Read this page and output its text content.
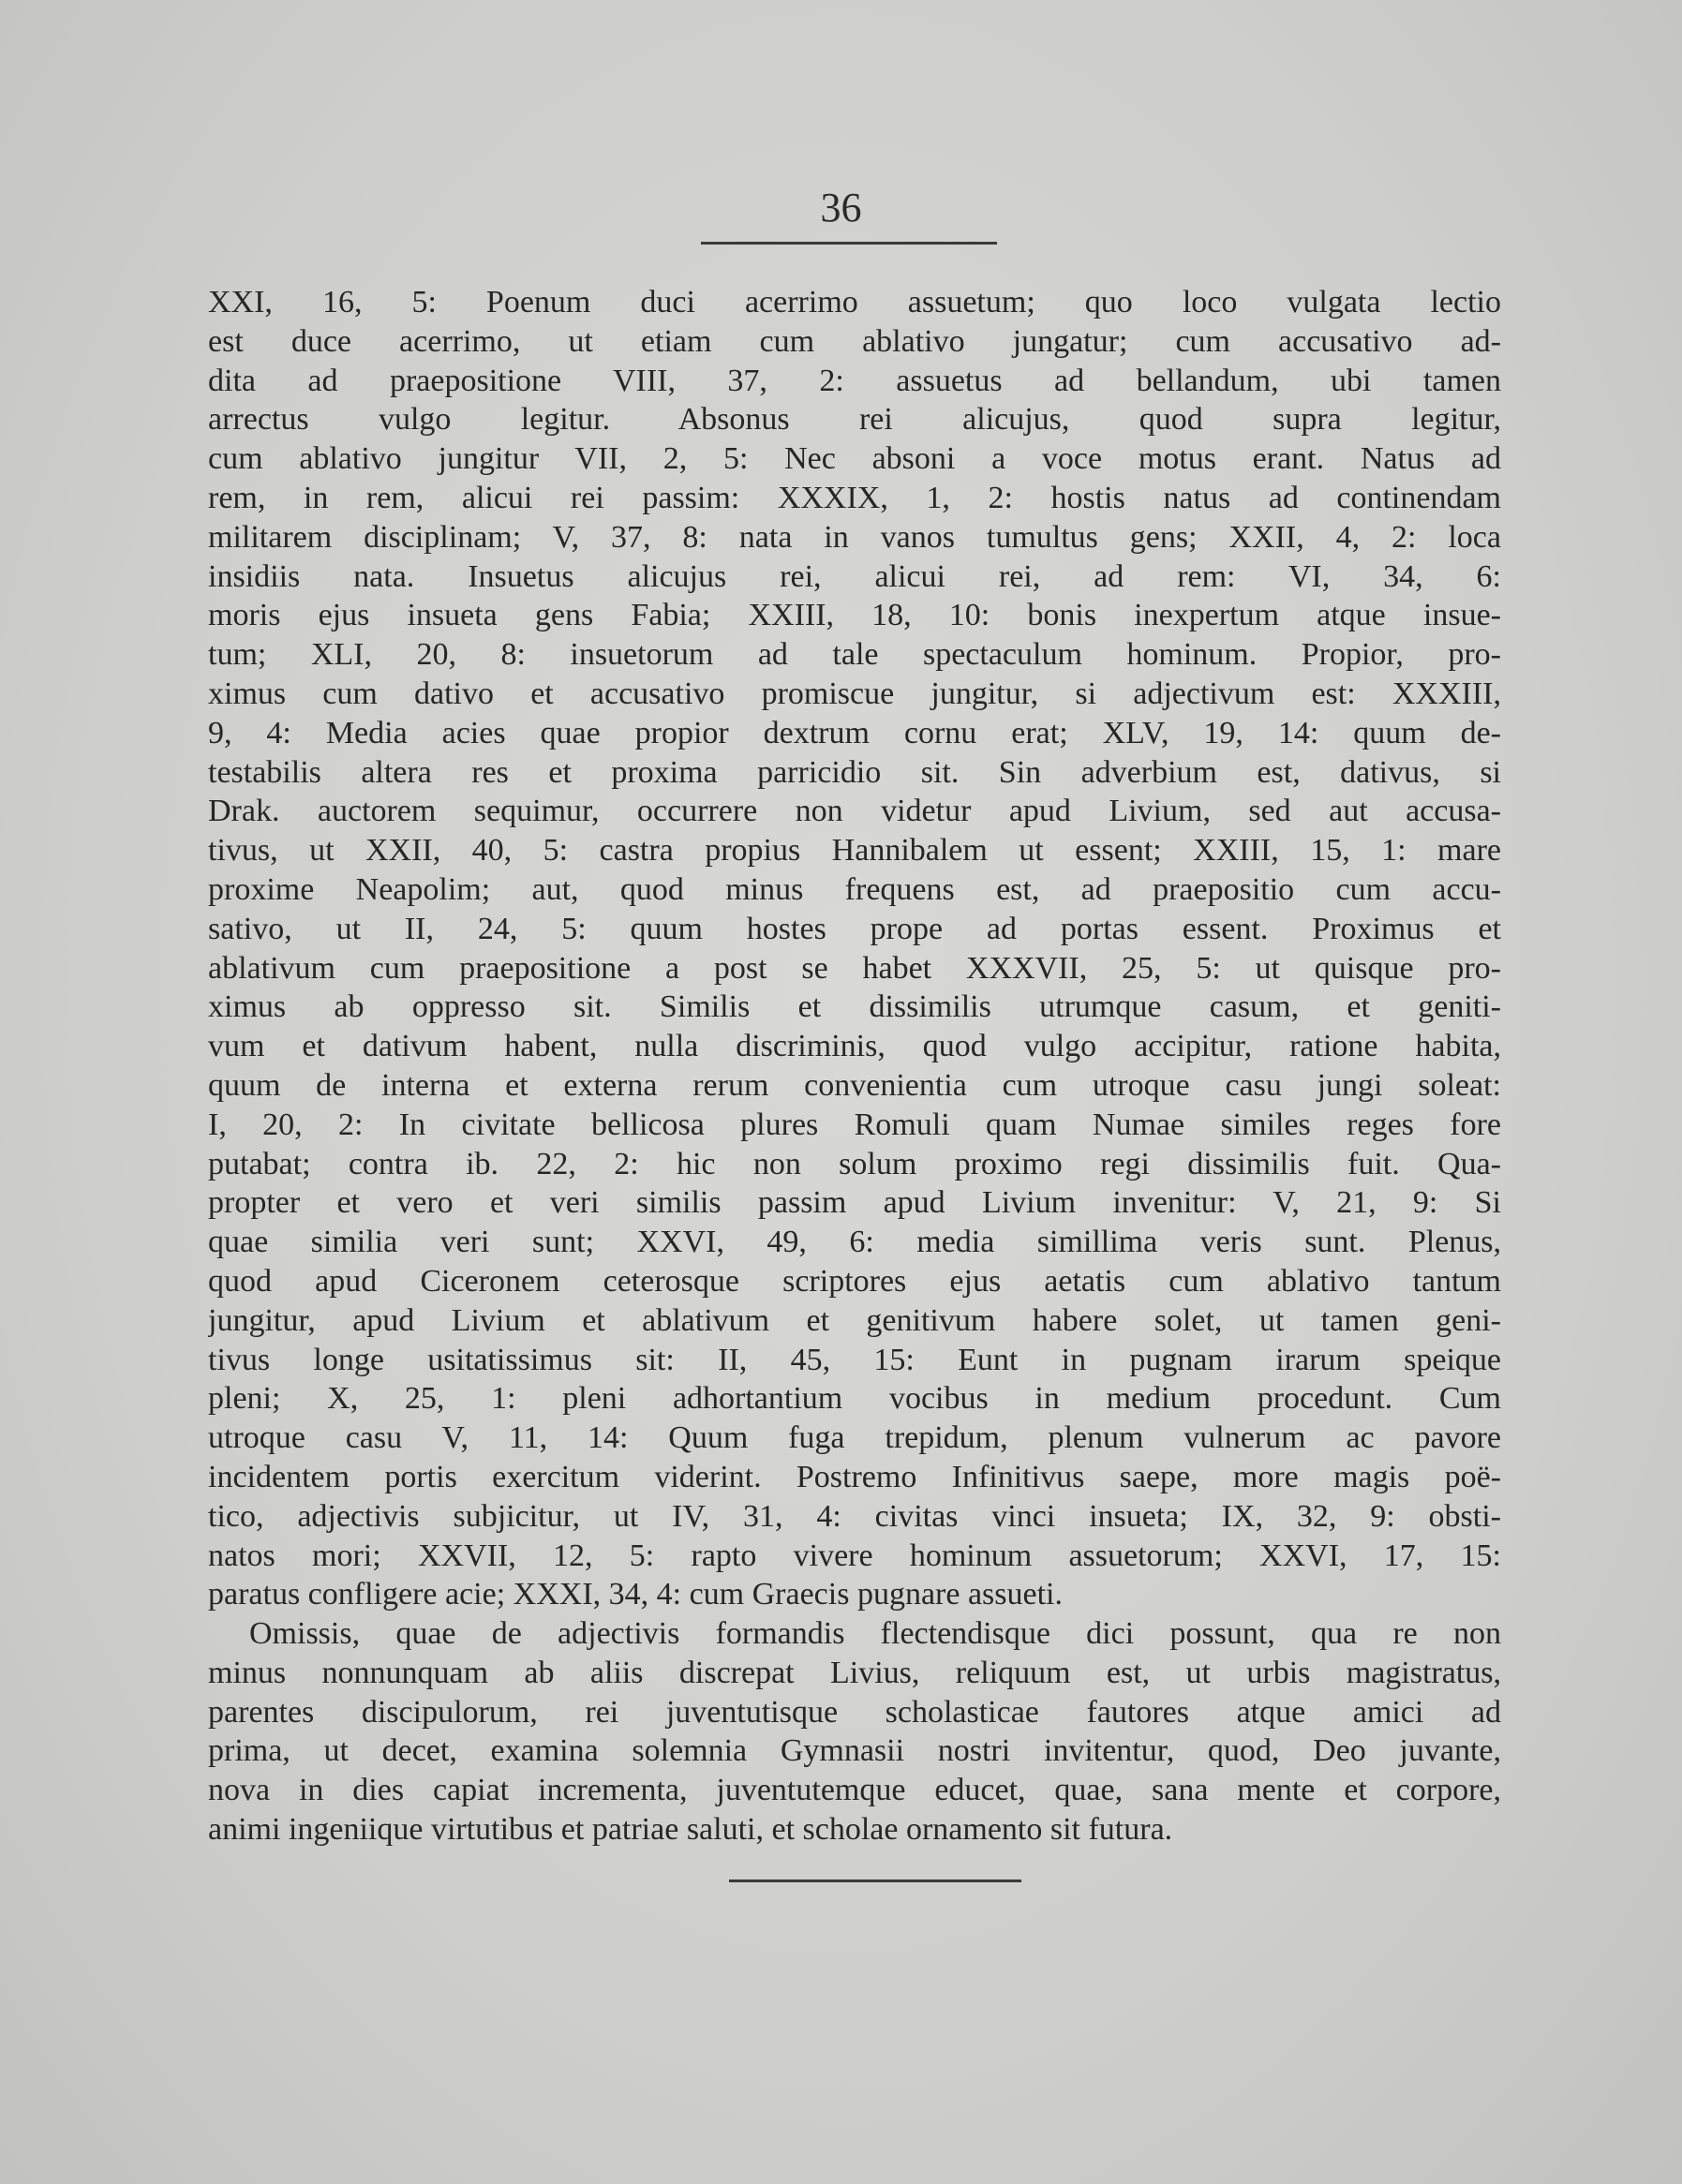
36
XXI, 16, 5: Poenum duci acerrimo assuetum; quo loco vulgata lectio
est duce acerrimo, ut etiam cum ablativo jungatur; cum accusativo ad-
dita ad praepositione VIII, 37, 2: assuetus ad bellandum, ubi tamen
arrectus vulgo legitur. Absonus rei alicujus, quod supra legitur,
cum ablativo jungitur VII, 2, 5: Nec absoni a voce motus erant. Natus ad
rem, in rem, alicui rei passim: XXXIX, 1, 2: hostis natus ad continendam
militarem disciplinam; V, 37, 8: nata in vanos tumultus gens; XXII, 4, 2: loca
insidiis nata. Insuetus alicujus rei, alicui rei, ad rem: VI, 34, 6:
moris ejus insueta gens Fabia; XXIII, 18, 10: bonis inexpertum atque insue-
tum; XLI, 20, 8: insuetorum ad tale spectaculum hominum. Propior, pro-
ximus cum dativo et accusativo promiscue jungitur, si adjectivum est: XXXIII,
9, 4: Media acies quae propior dextrum cornu erat; XLV, 19, 14: quum de-
testabilis altera res et proxima parricidio sit. Sin adverbium est, dativus, si
Drak. auctorem sequimur, occurrere non videtur apud Livium, sed aut accusa-
tivus, ut XXII, 40, 5: castra propius Hannibalem ut essent; XXIII, 15, 1: mare
proxime Neapolim; aut, quod minus frequens est, ad praepositio cum accu-
sativo, ut II, 24, 5: quum hostes prope ad portas essent. Proximus et
ablativum cum praepositione a post se habet XXXVII, 25, 5: ut quisque pro-
ximus ab oppresso sit. Similis et dissimilis utrumque casum, et geniti-
vum et dativum habent, nulla discriminis, quod vulgo accipitur, ratione habita,
quum de interna et externa rerum convenientia cum utroque casu jungi soleat:
I, 20, 2: In civitate bellicosa plures Romuli quam Numae similes reges fore
putabat; contra ib. 22, 2: hic non solum proximo regi dissimilis fuit. Qua-
propter et vero et veri similis passim apud Livium invenitur: V, 21, 9: Si
quae similia veri sunt; XXVI, 49, 6: media simillima veris sunt. Plenus,
quod apud Ciceronem ceterosque scriptores ejus aetatis cum ablativo tantum
jungitur, apud Livium et ablativum et genitivum habere solet, ut tamen geni-
tivus longe usitatissimus sit: II, 45, 15: Eunt in pugnam irarum speique
pleni; X, 25, 1: pleni adhortantium vocibus in medium procedunt. Cum
utroque casu V, 11, 14: Quum fuga trepidum, plenum vulnerum ac pavore
incidentem portis exercitum viderint. Postremo Infinitivus saepe, more magis poë-
tico, adjectivis subjicitur, ut IV, 31, 4: civitas vinci insueta; IX, 32, 9: obsti-
natos mori; XXVII, 12, 5: rapto vivere hominum assuetorum; XXVI, 17, 15:
paratus confligere acie; XXXI, 34, 4: cum Graecis pugnare assueti.
Omissis, quae de adjectivis formandis flectendisque dici possunt, qua re non
minus nonnunquam ab aliis discrepat Livius, reliquum est, ut urbis magistratus,
parentes discipulorum, rei juventutisque scholasticae fautores atque amici ad
prima, ut decet, examina solemnia Gymnasii nostri invitentur, quod, Deo juvante,
nova in dies capiat incrementa, juventutemque educet, quae, sana mente et corpore,
animi ingeniique virtutibus et patriae saluti, et scholae ornamento sit futura.
